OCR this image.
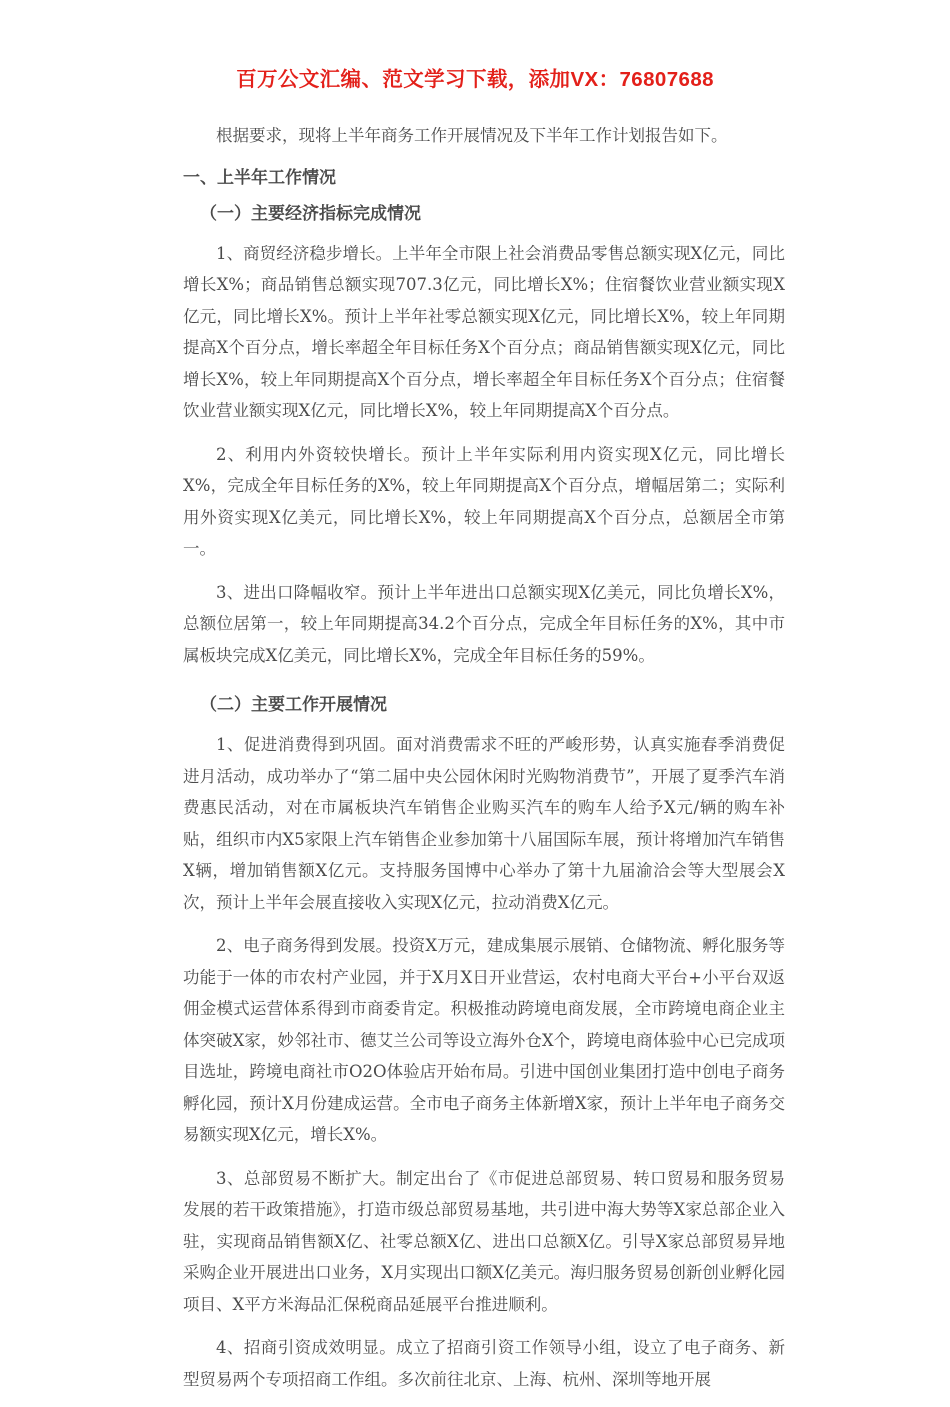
百万公文汇编、范文学习下载，添加VX：76807688

根据要求，现将上半年商务工作开展情况及下半年工作计划报告如下。

一、上半年工作情况

（一）主要经济指标完成情况

1、商贸经济稳步增长。上半年全市限上社会消费品零售总额实现X亿元，同比增长X%；商品销售总额实现707.3亿元，同比增长X%；住宿餐饮业营业额实现X亿元，同比增长X%。预计上半年社零总额实现X亿元，同比增长X%，较上年同期提高X个百分点，增长率超全年目标任务X个百分点；商品销售额实现X亿元，同比增长X%，较上年同期提高X个百分点，增长率超全年目标任务X个百分点；住宿餐饮业营业额实现X亿元，同比增长X%，较上年同期提高X个百分点。

2、利用内外资较快增长。预计上半年实际利用内资实现X亿元，同比增长X%，完成全年目标任务的X%，较上年同期提高X个百分点，增幅居第二；实际利用外资实现X亿美元，同比增长X%，较上年同期提高X个百分点，总额居全市第一。

3、进出口降幅收窄。预计上半年进出口总额实现X亿美元，同比负增长X%，总额位居第一，较上年同期提高34.2个百分点，完成全年目标任务的X%，其中市属板块完成X亿美元，同比增长X%，完成全年目标任务的59%。

（二）主要工作开展情况

1、促进消费得到巩固。面对消费需求不旺的严峻形势，认真实施春季消费促进月活动，成功举办了“第二届中央公园休闲时光购物消费节”，开展了夏季汽车消费惠民活动，对在市属板块汽车销售企业购买汽车的购车人给予X元/辆的购车补贴，组织市内X5家限上汽车销售企业参加第十八届国际车展，预计将增加汽车销售X辆，增加销售额X亿元。支持服务国博中心举办了第十九届渝洽会等大型展会X次，预计上半年会展直接收入实现X亿元，拉动消费X亿元。

2、电子商务得到发展。投资X万元，建成集展示展销、仓储物流、孵化服务等功能于一体的市农村产业园，并于X月X日开业营运，农村电商大平台+小平台双返佣金模式运营体系得到市商委肯定。积极推动跨境电商发展，全市跨境电商企业主体突破X家，妙邻社市、德艾兰公司等设立海外仓X个，跨境电商体验中心已完成项目选址，跨境电商社市O2O体验店开始布局。引进中国创业集团打造中创电子商务孵化园，预计X月份建成运营。全市电子商务主体新增X家，预计上半年电子商务交易额实现X亿元，增长X%。

3、总部贸易不断扩大。制定出台了《市促进总部贸易、转口贸易和服务贸易发展的若干政策措施》，打造市级总部贸易基地，共引进中海大势等X家总部企业入驻，实现商品销售额X亿、社零总额X亿、进出口总额X亿。引导X家总部贸易异地采购企业开展进出口业务，X月实现出口额X亿美元。海归服务贸易创新创业孵化园项目、X平方米海品汇保税商品延展平台推进顺利。

4、招商引资成效明显。成立了招商引资工作领导小组，设立了电子商务、新型贸易两个专项招商工作组。多次前往北京、上海、杭州、深圳等地开展
